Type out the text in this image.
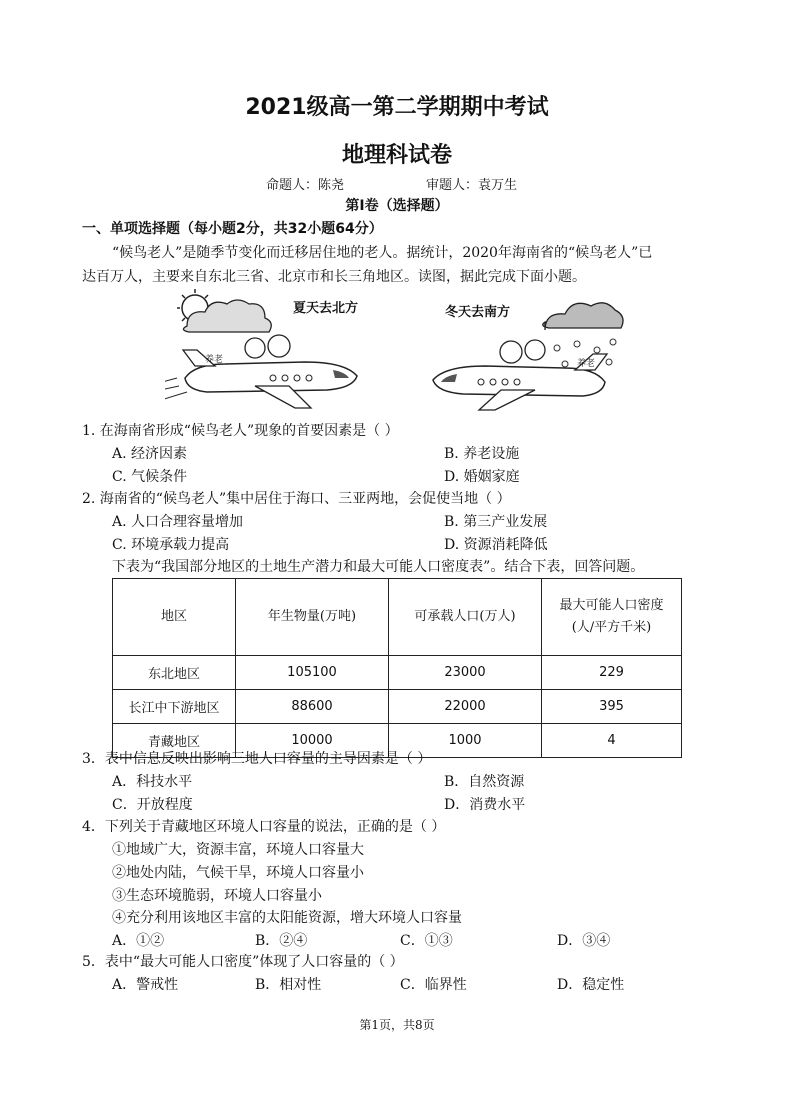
2021级高一第二学期期中考试
地理科试卷
命题人：陈尧	审题人：袁万生
第Ⅰ卷（选择题）
一、单项选择题（每小题2分，共32小题64分）
“候鸟老人”是随季节变化而迁移居住地的老人。据统计，2020年海南省的“候鸟老人”已
达百万人，主要来自东北三省、北京市和长三角地区。读图，据此完成下面小题。
夏天去北方
养老
冬天去南方
养老
1. 在海南省形成“候鸟老人”现象的首要因素是（ ）
A. 经济因素	B. 养老设施
C. 气候条件	D. 婚姻家庭
2. 海南省的“候鸟老人”集中居住于海口、三亚两地，会促使当地（ ）
A. 人口合理容量增加	B. 第三产业发展
C. 环境承载力提高	D. 资源消耗降低
下表为“我国部分地区的土地生产潜力和最大可能人口密度表”。结合下表，回答问题。
地区	年生物量(万吨)	可承载人口(万人)	最大可能人口密度
(人/平方千米)

东北地区	105100	23000	229
长江中下游地区	88600	22000	395
青藏地区	10000	1000	4
3．表中信息反映出影响三地人口容量的主导因素是（ ）
A．科技水平	B．自然资源
C．开放程度	D．消费水平
4．下列关于青藏地区环境人口容量的说法，正确的是（ ）
①地域广大，资源丰富，环境人口容量大
②地处内陆，气候干旱，环境人口容量小
③生态环境脆弱，环境人口容量小
④充分利用该地区丰富的太阳能资源，增大环境人口容量
A．①②	B．②④	C．①③	D．③④
5．表中“最大可能人口密度”体现了人口容量的（ ）
A．警戒性	B．相对性	C．临界性	D．稳定性
第1页，共8页
